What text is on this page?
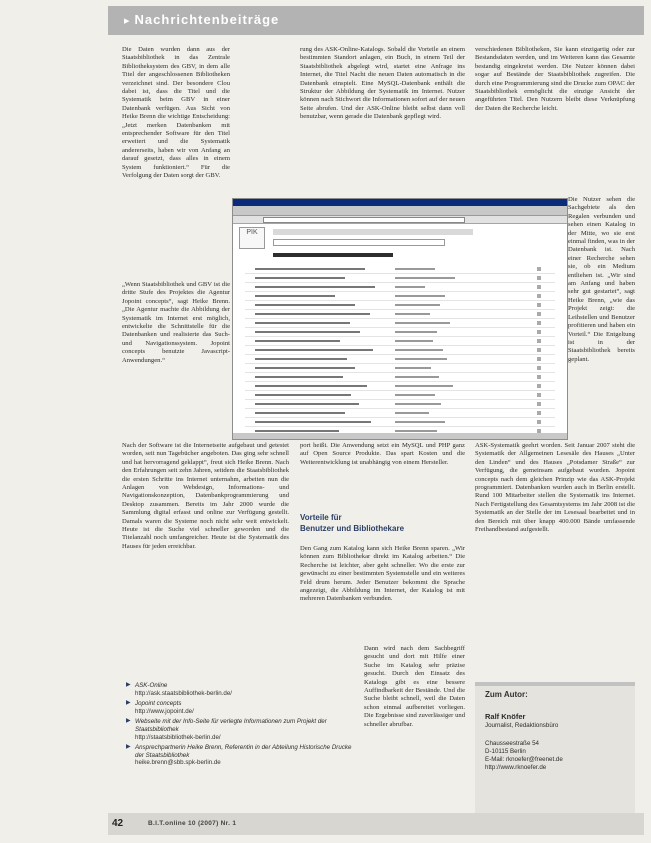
▸ Nachrichtenbeiträge

Die Daten wurden dann aus der Staatsbibliothek in das Zentrale Bibliotheksystem des GBV, in dem alle Titel der angeschlossenen Bibliotheken verzeichnet sind. Der besondere Clou dabei ist, dass die Titel und die Systematik beim GBV in einer Datenbank verfügen. Aus Sicht von Heike Brenn die wichtige Entscheidung: „Jetzt merken Datenbanken mit entsprechender Software für den Titel erweitert und die Systematik andererseits, haben wir von Anfang an darauf gesetzt, dass alles in einem System funktioniert.“ Für die Verfolgung der Daten sorgt der GBV.

„Wenn Staatsbibliothek und GBV ist die dritte Stufe des Projektes die Agentur Jopoint concepts“, sagt Heike Brenn. „Die Agentur machte die Abbildung der Systematik im Internet erst möglich, entwickelte die Schnittstelle für die Datenbanken und realisierte das Such- und Navigationssystem. Jopoint concepts benutzte Javascript-Anwendungen.“

Nach der Software ist die Internetseite aufgebaut und getestet worden, seit nun Tagebücher angeboten. Das ging sehr schnell und hat hervorragend geklappt“, freut sich Heike Brenn. Nach den Erfahrungen seit zehn Jahren, seitdem die Staatsbibliothek die ersten Schritte ins Internet unternahm, arbeiten nun die Anlagen von Webdesign, Informations- und Navigationskonzeption, Datenbankprogrammierung und Desktop zusammen. Bereits im Jahr 2000 wurde die Sammlung digital erfasst und online zur Verfügung gestellt. Damals waren die Systeme noch nicht sehr weit entwickelt. Heute ist die Suche viel schneller geworden und die Titelanzahl noch umfangreicher. Heute ist die Systematik des Hauses für jeden erreichbar.

rung des ASK-Online-Katalogs. Sobald die Vorteile an einem bestimmten Standort anlagen, ein Buch, in einem Teil der Staatsbibliothek abgelegt wird, startet eine Anfrage ins Internet, die Titel Nacht die neuen Daten automatisch in die Datenbank einspielt. Eine MySQL-Datenbank enthält die Struktur der Abbildung der Systematik im Internet. Nutzer können nach Stichwort die Informationen sofort auf der neuen Seite abrufen. Und der ASK-Online bleibt selbst dann voll benutzbar, wenn gerade die Datenbank gepflegt wird.

port heißt. Die Anwendung setzt ein MySQL und PHP ganz auf Open Source Produkte. Das spart Kosten und die Weiterentwicklung ist unabhängig von einem Hersteller.

Vorteile für
Benutzer und Bibliothekare

Den Gang zum Katalog kann sich Heike Brenn sparen. „Wir können zum Bibliothekar direkt im Katalog arbeiten.“ Die Recherche ist leichter, aber geht schneller. Wo die erste zur gewünscht zu einer bestimmten Systemstelle und ein weiteres Feld drum herum. Jeder Benutzer bekommt die Sprache angezeigt, die Abbildung im Internet, der Katalog ist mit mehreren Datenbanken verbunden.

Dann wird nach dem Sachbegriff gesucht und dort mit Hilfe einer Suche im Katalog sehr präzise gesucht. Durch den Einsatz des Katalogs gibt es eine bessere Auffindbarkeit der Bestände. Und die Suche bleibt schnell, weil die Daten schon einmal aufbereitet vorliegen. Die Ergebnisse sind zuverlässiger und schneller abrufbar.

verschiedenen Bibliotheken, Sie kann einzigartig oder zur Bestandsdaten werden, und im Weiteren kann das Gesamte bestandig eingekreist werden. Die Nutzer können dabei sogar auf Bestände der Staatsbibliothek zugreifen. Die durch eine Programmierung sind die Drucke zum OPAC der Staatsbibliothek ermöglicht die einzige Ansicht der angeführten Titel. Den Nutzern bleibt diese Verknüpfung der Daten die Recherche leicht.

Die Nutzer sehen die Sachgebiete als den Regalen verbunden und sehen einen Katalog in der Mitte, wo sie erst einmal finden, was in der Datenbank ist. Nach einer Recherche sehen sie, ob ein Medium entliehen ist. „Wir sind am Anfang und haben sehr gut gestartet“, sagt Heike Brenn, „wie das Projekt zeigt: die Leihstellen und Benutzer profitieren und haben ein Vorteil.“ Die Entgeltung ist in der Staatsbibliothek bereits geplant.

ASK-Systematik geehrt worden. Seit Januar 2007 steht die Systematik der Allgemeinen Lesesäle des Hauses „Unter den Linden“ und des Hauses „Potsdamer Straße“ zur Verfügung, die gemeinsam aufgebaut wurden. Jopoint concepts nach dem gleichen Prinzip wie das ASK-Projekt programmiert. Datenbanken wurden auch in Berlin erstellt. Rund 100 Mitarbeiter stellen die Systematik ins Internet. Nach Fertigstellung des Gesamtsystems im Jahr 2008 ist die Systematik an der Stelle der im Lesesaal bearbeitet und in den Bereich mit über knapp 400.000 Bände umfassende Freihandbestand aufgestellt.

PIK
▶ ASK-Online
http://ask.staatsbibliothek-berlin.de/
▶ Jopoint concepts
http://www.jopoint.de/
▶ Webseite mit der Info-Seite für verlegte Informationen zum Projekt der Staatsbibliothek
http://staatsbibliothek-berlin.de/
▶ Ansprechpartnerin Heike Brenn, Referentin in der Abteilung Historische Drucke der Staatsbibliothek
heike.brenn@sbb.spk-berlin.de
Zum Autor:
Ralf Knöfer
Journalist, Redaktionsbüro
Chausseestraße 54
D-10115 Berlin
E-Mail: rknoefer@freenet.de
http://www.rknoefer.de
42	B.I.T.online 10 (2007) Nr. 1
